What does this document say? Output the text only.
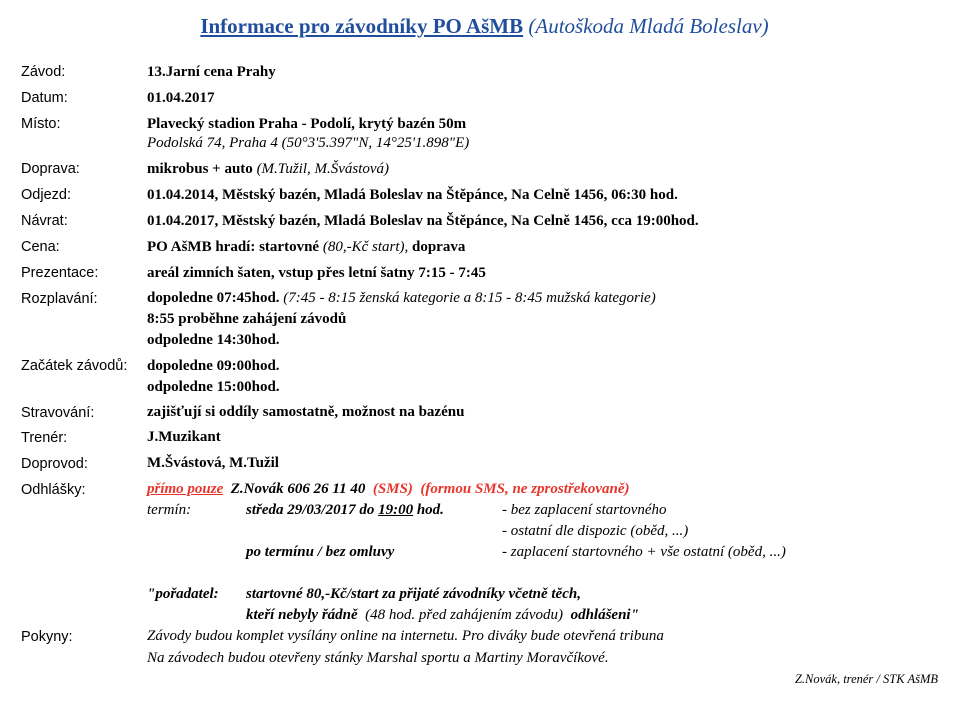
Informace pro závodníky PO AšMB (Autoškoda Mladá Boleslav)
Závod:	13.Jarní cena Prahy
Datum:	01.04.2017
Místo:	Plavecký stadion Praha - Podolí, krytý bazén 50m
Podolská 74, Praha 4 (50°3'5.397"N, 14°25'1.898"E)
Doprava:	mikrobus + auto (M.Tužil, M.Švástová)
Odjezd:	01.04.2014, Městský bazén, Mladá Boleslav na Štěpánce, Na Celně 1456, 06:30 hod.
Návrat:	01.04.2017, Městský bazén, Mladá Boleslav na Štěpánce, Na Celně 1456, cca 19:00hod.
Cena:	PO AšMB hradí: startovné (80,-Kč start), doprava
Prezentace:	areál zimních šaten, vstup přes letní šatny 7:15 - 7:45
Rozplavání:	dopoledne 07:45hod. (7:45 - 8:15 ženská kategorie a 8:15 - 8:45 mužská kategorie)
8:55 proběhne zahájení závodů
odpoledne 14:30hod.
Začátek závodů: dopoledne 09:00hod.
odpoledne 15:00hod.
Stravování:	zajišťují si oddíly samostatně, možnost na bazénu
Trenér:	J.Muzikant
Doprovod:	M.Švástová, M.Tužil
Odhlášky:	přímo pouze Z.Novák 606 26 11 40 (SMS) (formou SMS, ne zprostřekovaně)
termín:	středa 29/03/2017 do 19:00 hod.	- bez zaplacení startovného
- ostatní dle dispozic (oběd, ...)
po termínu / bez omluvy	- zaplacení startovného + vše ostatní (oběd, ...)
"pořadatel: startovné 80,-Kč/start za přijaté závodníky včetně těch,
kteří nebyly řádně (48 hod. před zahájením závodu) odhlášeni"
Pokyny:	Závody budou komplet vysílány online na internetu. Pro diváky bude otevřená tribuna
Na závodech budou otevřeny stánky Marshal sportu a Martiny Moravčíkové.
Z.Novák, trenér / STK AšMB
